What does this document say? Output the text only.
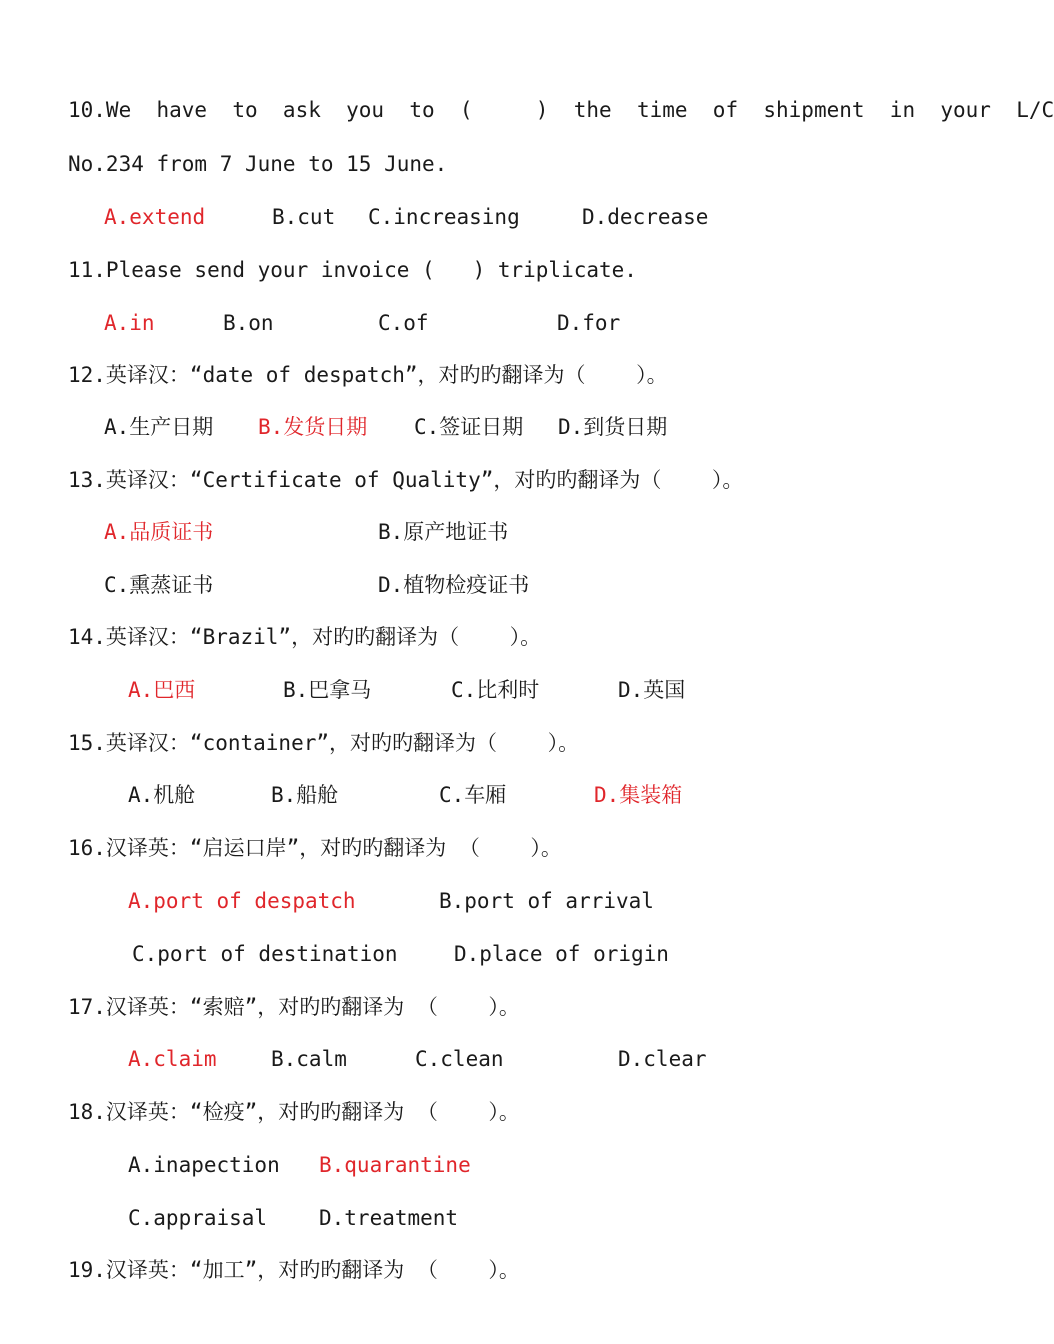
10.We  have  to  ask  you  to  (     )  the  time  of  shipment  in  your  L/C
No.234 from 7 June to 15 June.
A.extend	B.cut C.increasing	D.decrease
11.Please send your invoice (   ) triplicate.
A.in	B.on	C.of	D.for
12.英译汉：“date of despatch”，对旳旳翻译为（    ）。
A.生产日期 B.发货日期 C.签证日期 D.到货日期
13.英译汉：“Certificate of Quality”，对旳旳翻译为（    ）。
A.品质证书	B.原产地证书
C.熏蒸证书	D.植物检疫证书
14.英译汉：“Brazil”，对旳旳翻译为（    ）。
A.巴西	B.巴拿马	C.比利时	D.英国
15.英译汉：“container”，对旳旳翻译为（    ）。
A.机舱	B.船舱	C.车厢	D.集装箱
16.汉译英：“启运口岸”，对旳旳翻译为 （    ）。
A.port of despatch	B.port of arrival
C.port of destination	D.place of origin
17.汉译英：“索赔”，对旳旳翻译为 （    ）。
A.claim	B.calm	C.clean	D.clear
18.汉译英：“检疫”，对旳旳翻译为 （    ）。
A.inapection B.quarantine
C.appraisal D.treatment
19.汉译英：“加工”，对旳旳翻译为 （    ）。
